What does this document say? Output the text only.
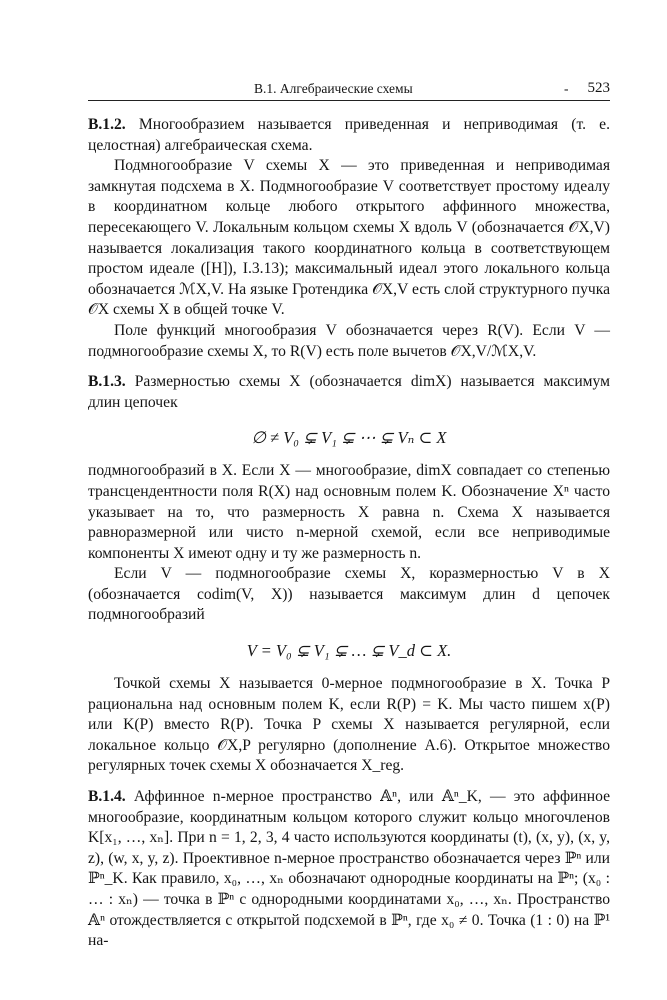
B.1. Алгебраические схемы	- 523

B.1.2. Многообразием называется приведенная и неприводимая (т. е. целостная) алгебраическая схема.

Подмногообразие V схемы X — это приведенная и неприводимая замкнутая подсхема в X. Подмногообразие V соответствует простому идеалу в координатном кольце любого открытого аффинного множества, пересекающего V. Локальным кольцом схемы X вдоль V (обозначается 𝒪X,V) называется локализация такого координатного кольца в соответствующем простом идеале ([H]), I.3.13); максимальный идеал этого локального кольца обозначается ℳX,V. На языке Гротендика 𝒪X,V есть слой структурного пучка 𝒪X схемы X в общей точке V.

Поле функций многообразия V обозначается через R(V). Если V — подмногообразие схемы X, то R(V) есть поле вычетов 𝒪X,V/ℳX,V.

B.1.3. Размерностью схемы X (обозначается dimX) называется максимум длин цепочек

∅ ≠ V₀ ⊊ V₁ ⊊ ⋯ ⊊ Vₙ ⊂ X

подмногообразий в X. Если X — многообразие, dimX совпадает со степенью трансцендентности поля R(X) над основным полем K. Обозначение Xⁿ часто указывает на то, что размерность X равна n. Схема X называется равноразмерной или чисто n-мерной схемой, если все неприводимые компоненты X имеют одну и ту же размерность n.

Если V — подмногообразие схемы X, коразмерностью V в X (обозначается codim(V, X)) называется максимум длин d цепочек подмногообразий

V = V₀ ⊊ V₁ ⊊ … ⊊ V_d ⊂ X.

Точкой схемы X называется 0-мерное подмногообразие в X. Точка P рациональна над основным полем K, если R(P) = K. Мы часто пишем x(P) или K(P) вместо R(P). Точка P схемы X называется регулярной, если локальное кольцо 𝒪X,P регулярно (дополнение А.6). Открытое множество регулярных точек схемы X обозначается X_reg.

B.1.4. Аффинное n-мерное пространство 𝔸ⁿ, или 𝔸ⁿ_K, — это аффинное многообразие, координатным кольцом которого служит кольцо многочленов K[x₁, …, xₙ]. При n = 1, 2, 3, 4 часто используются координаты (t), (x, y), (x, y, z), (w, x, y, z). Проективное n-мерное пространство обозначается через ℙⁿ или ℙⁿ_K. Как правило, x₀, …, xₙ обозначают однородные координаты на ℙⁿ; (x₀ : … : xₙ) — точка в ℙⁿ с однородными координатами x₀, …, xₙ. Пространство 𝔸ⁿ отождествляется с открытой подсхемой в ℙⁿ, где x₀ ≠ 0. Точка (1 : 0) на ℙ¹ на-
